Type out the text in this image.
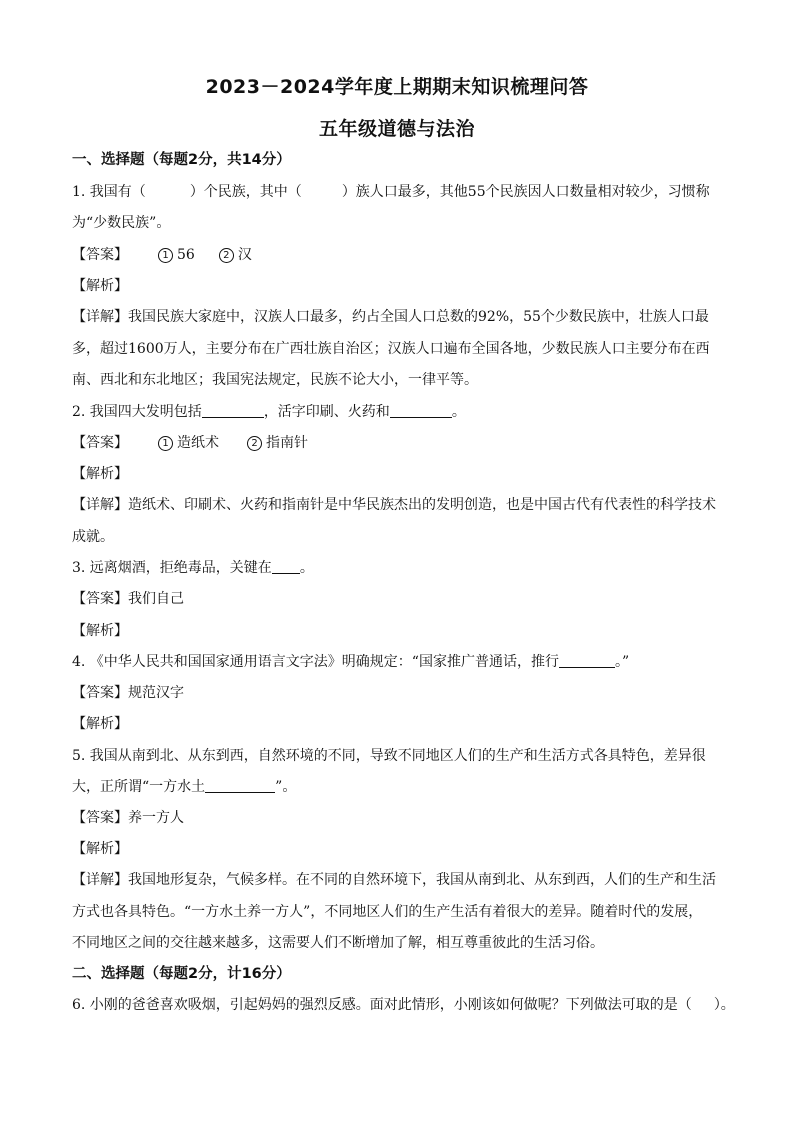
2023－2024学年度上期期末知识梳理问答
五年级道德与法治
一、选择题（每题2分，共14分）
1. 我国有（	）个民族，其中（	）族人口最多，其他55个民族因人口数量相对较少，习惯称
为“少数民族”。
【答案】	1 56	2 汉
【解析】
【详解】我国民族大家庭中，汉族人口最多，约占全国人口总数的92%，55个少数民族中，壮族人口最
多，超过1600万人，主要分布在广西壮族自治区；汉族人口遍布全国各地，少数民族人口主要分布在西
南、西北和东北地区；我国宪法规定，民族不论大小，一律平等。
2. 我国四大发明包括	，活字印刷、火药和	。
【答案】	1 造纸术	2 指南针
【解析】
【详解】造纸术、印刷术、火药和指南针是中华民族杰出的发明创造，也是中国古代有代表性的科学技术
成就。
3. 远离烟酒，拒绝毒品，关键在 。
【答案】我们自己
【解析】
4. 《中华人民共和国国家通用语言文字法》明确规定：“国家推广普通话，推行	。”
【答案】规范汉字
【解析】
5. 我国从南到北、从东到西，自然环境的不同，导致不同地区人们的生产和生活方式各具特色，差异很
大，正所谓“一方水土	”。
【答案】养一方人
【解析】
【详解】我国地形复杂，气候多样。在不同的自然环境下，我国从南到北、从东到西，人们的生产和生活
方式也各具特色。“一方水土养一方人”，不同地区人们的生产生活有着很大的差异。随着时代的发展，
不同地区之间的交往越来越多，这需要人们不断增加了解，相互尊重彼此的生活习俗。
二、选择题（每题2分，计16分）
6. 小刚的爸爸喜欢吸烟，引起妈妈的强烈反感。面对此情形，小刚该如何做呢？下列做法可取的是（ ）。
